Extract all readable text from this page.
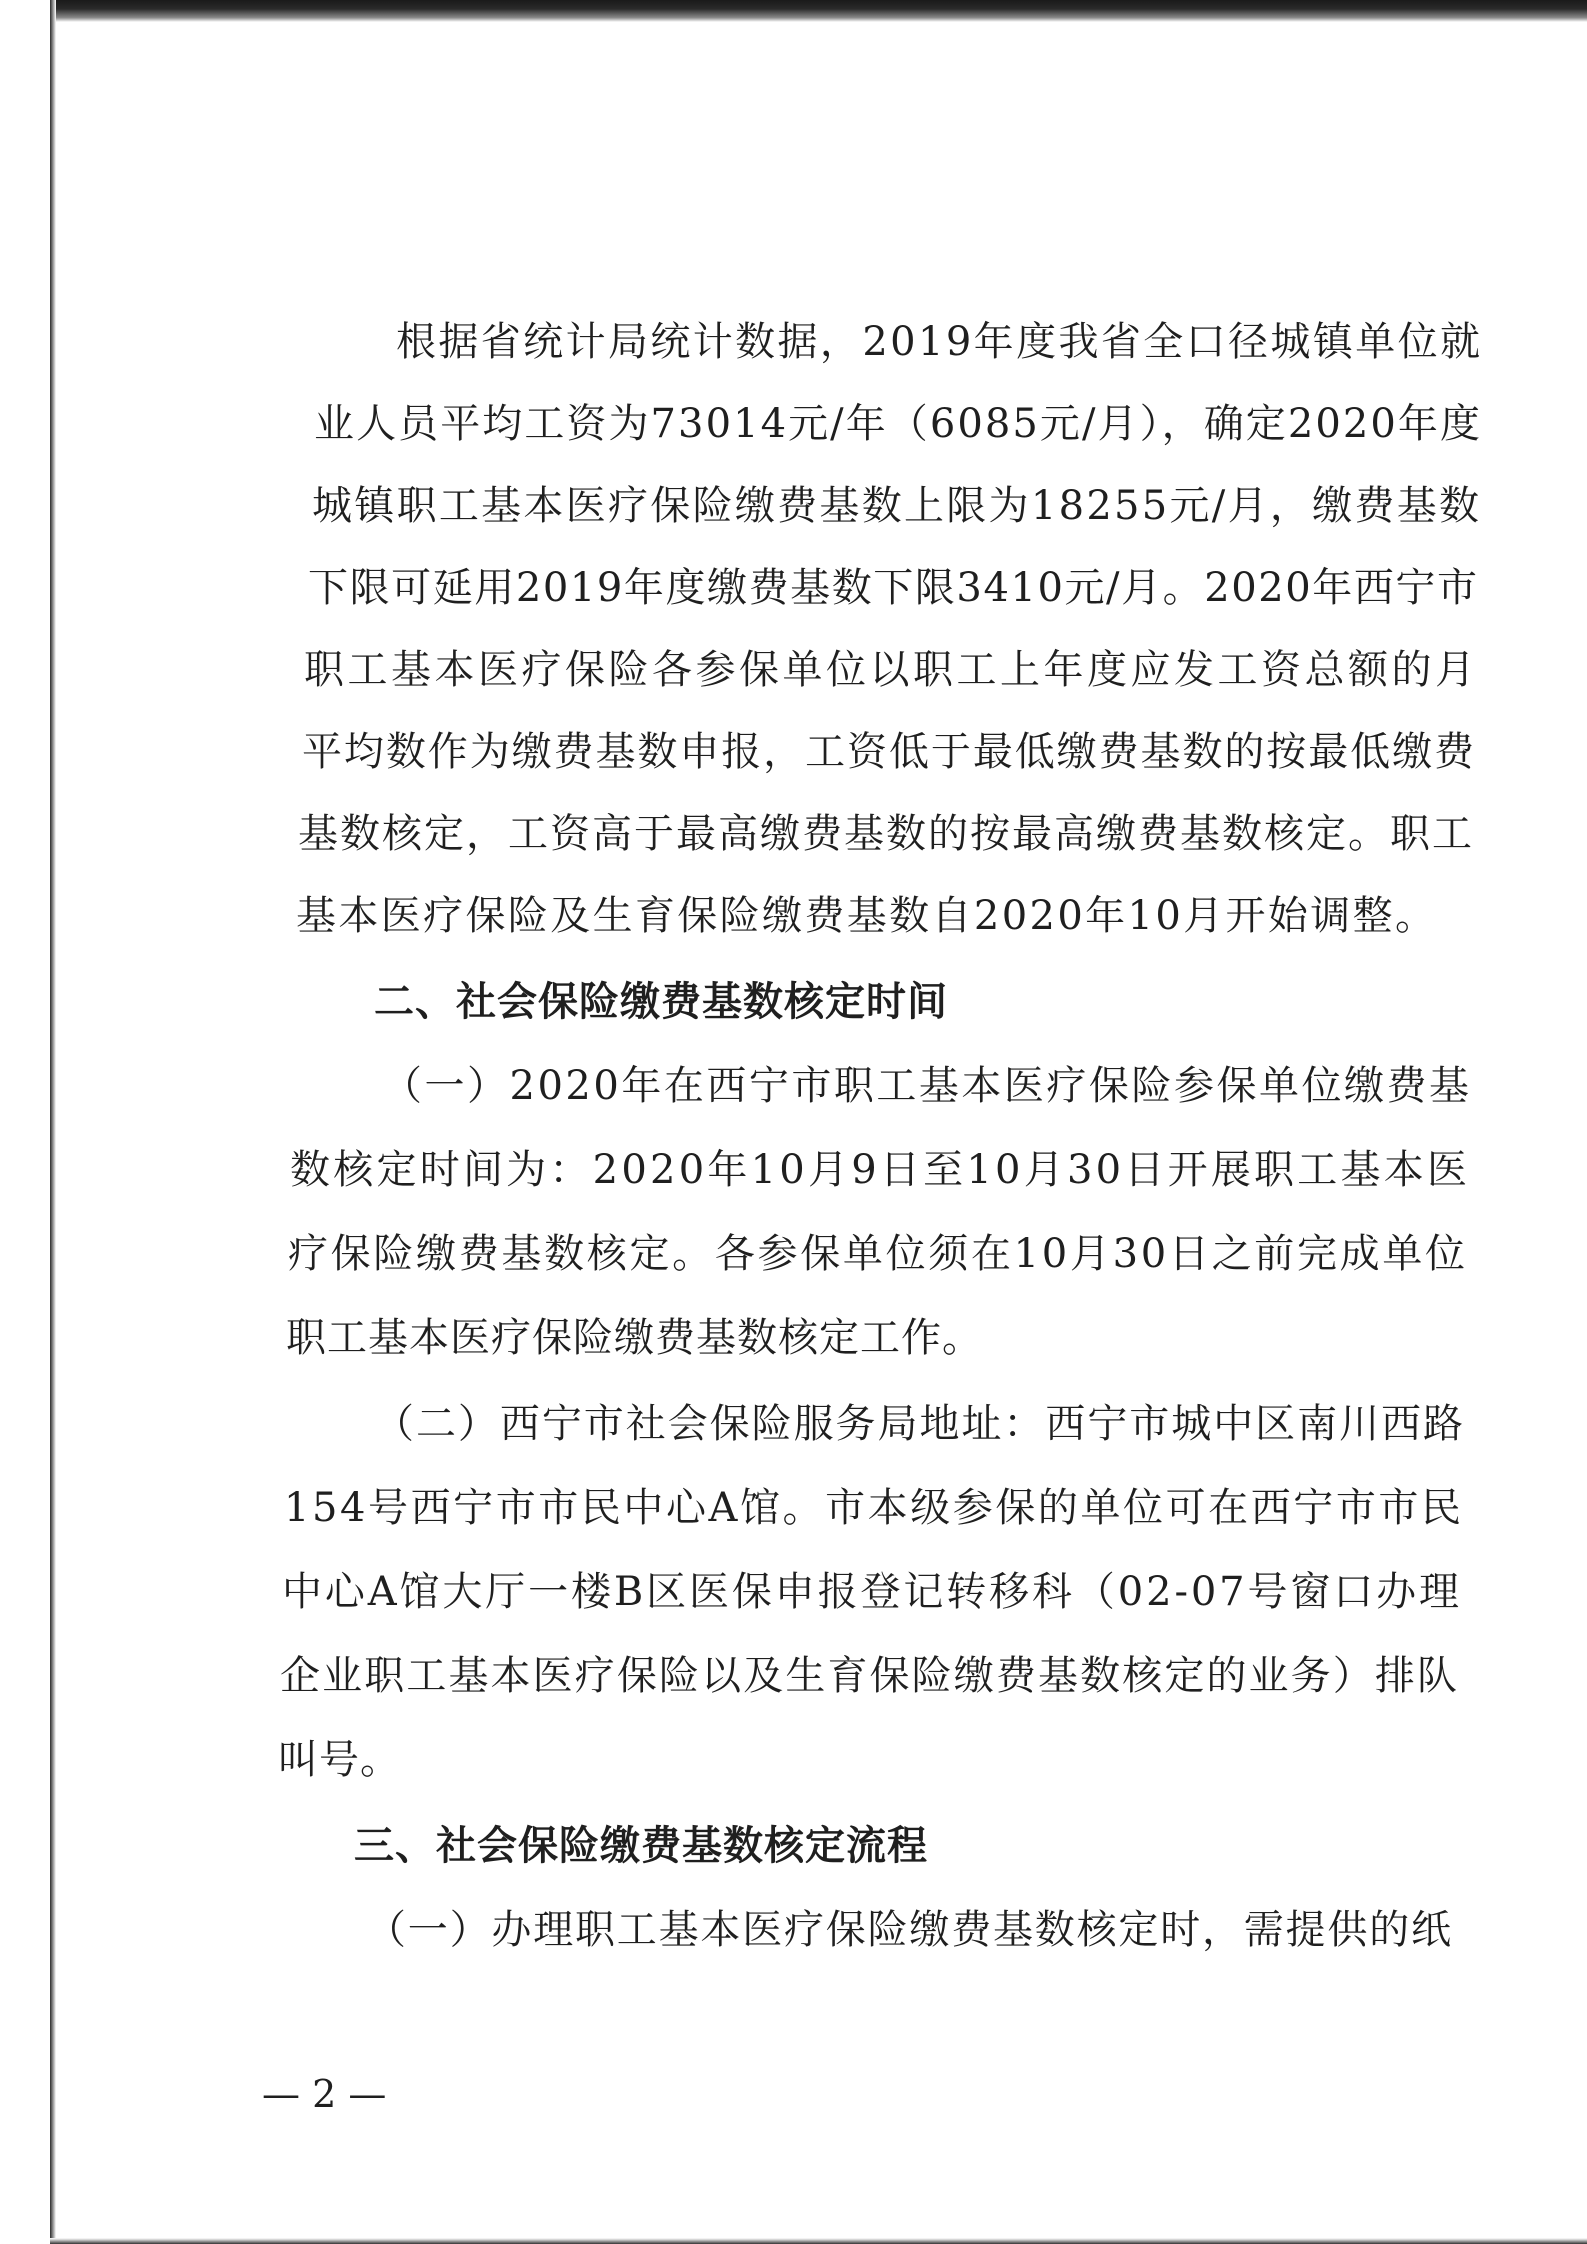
根据省统计局统计数据，2019年度我省全口径城镇单位就
业人员平均工资为73014元/年（6085元/月），确定2020年度
城镇职工基本医疗保险缴费基数上限为18255元/月，缴费基数
下限可延用2019年度缴费基数下限3410元/月。2020年西宁市
职工基本医疗保险各参保单位以职工上年度应发工资总额的月
平均数作为缴费基数申报，工资低于最低缴费基数的按最低缴费
基数核定，工资高于最高缴费基数的按最高缴费基数核定。职工
基本医疗保险及生育保险缴费基数自2020年10月开始调整。
二、社会保险缴费基数核定时间
（一）2020年在西宁市职工基本医疗保险参保单位缴费基
数核定时间为：2020年10月9日至10月30日开展职工基本医
疗保险缴费基数核定。各参保单位须在10月30日之前完成单位
职工基本医疗保险缴费基数核定工作。
（二）西宁市社会保险服务局地址：西宁市城中区南川西路
154号西宁市市民中心A馆。市本级参保的单位可在西宁市市民
中心A馆大厅一楼B区医保申报登记转移科（02-07号窗口办理
企业职工基本医疗保险以及生育保险缴费基数核定的业务）排队
叫号。
三、社会保险缴费基数核定流程
（一）办理职工基本医疗保险缴费基数核定时，需提供的纸
— 2 —
